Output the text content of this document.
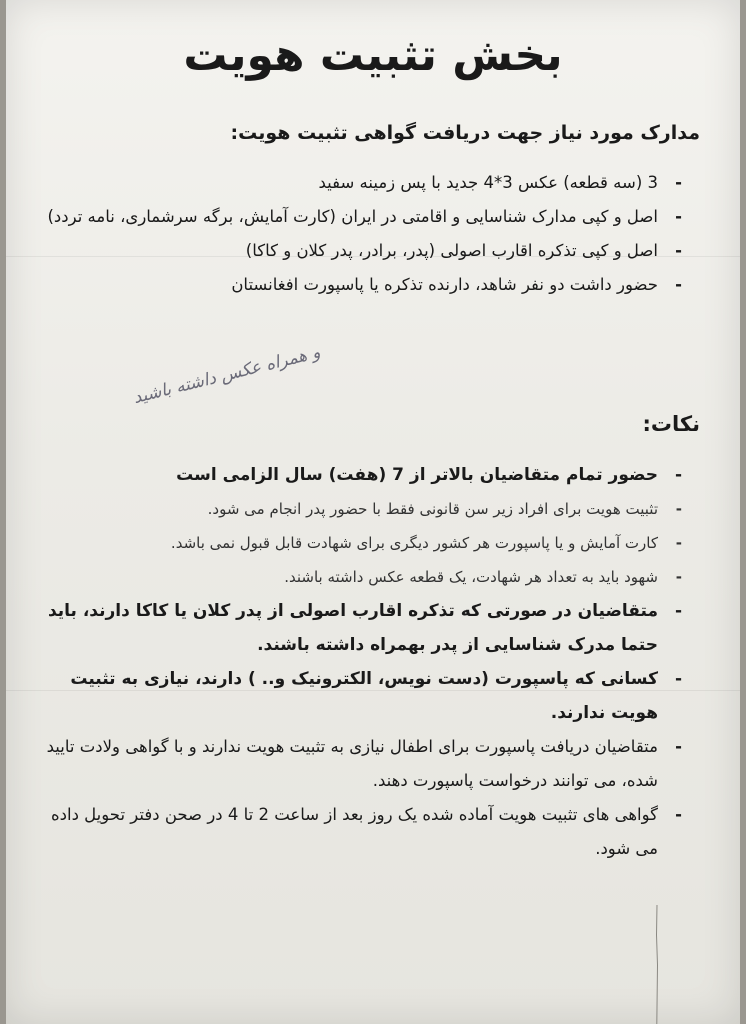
بخش تثبیت هویت
مدارک مورد نیاز جهت دریافت گواهی تثبیت هویت:
- 3 (سه قطعه) عکس 3*4 جدید با پس زمینه سفید
- اصل و کپی مدارک شناسایی و اقامتی در ایران (کارت آمایش، برگه سرشماری، نامه تردد)
- اصل و کپی تذکره اقارب اصولی (پدر، برادر، پدر کلان و کاکا)
- حضور داشت دو نفر شاهد، دارنده تذکره یا پاسپورت افغانستان
و همراه عکس داشته باشید
نکات:
- حضور تمام متقاضیان بالاتر از 7 (هفت) سال الزامی است
- تثبیت هویت برای افراد زیر سن قانونی فقط با حضور پدر انجام می شود.
- کارت آمایش و یا پاسپورت هر کشور دیگری برای شهادت قابل قبول نمی باشد.
- شهود باید به تعداد هر شهادت، یک قطعه عکس داشته باشند.
- متقاضیان در صورتی که تذکره اقارب اصولی از پدر کلان یا کاکا دارند، باید حتما مدرک شناسایی از پدر بهمراه داشته باشند.
- کسانی که پاسپورت (دست نویس، الکترونیک و.. ) دارند، نیازی به تثبیت هویت ندارند.
- متقاضیان دریافت پاسپورت برای اطفال نیازی به تثبیت هویت ندارند و با گواهی ولادت تایید شده، می توانند درخواست پاسپورت دهند.
- گواهی های تثبیت هویت آماده شده یک روز بعد از ساعت 2 تا 4 در صحن دفتر تحویل داده می شود.
